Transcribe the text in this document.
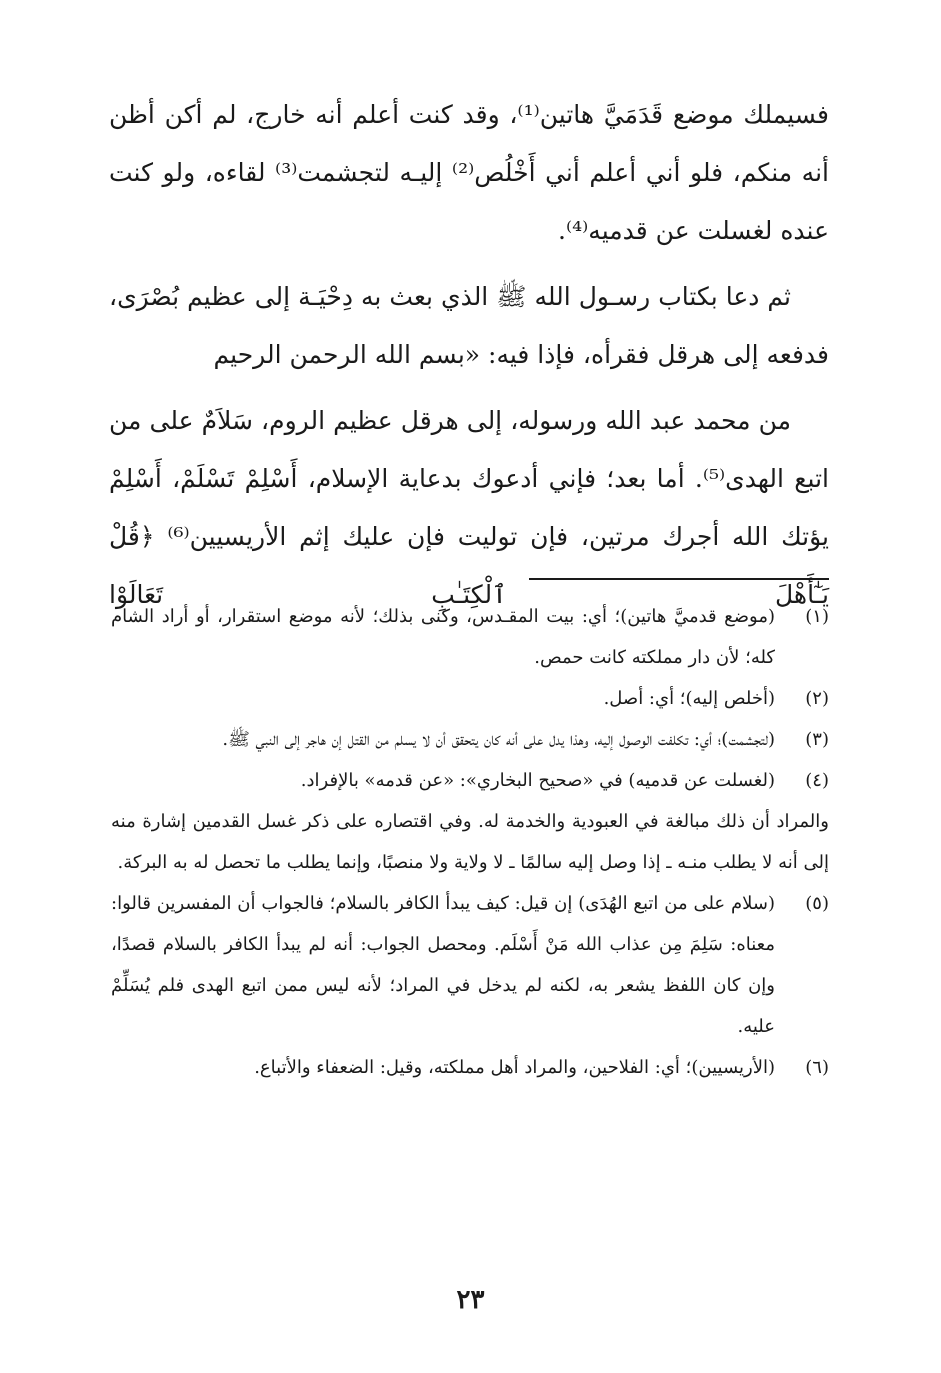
فسيملك موضع قَدَمَيَّ هاتين⁽¹⁾، وقد كنت أعلم أنه خارج، لم أكن أظن أنه منكم، فلو أني أعلم أني أَخْلُص⁽²⁾ إليـه لتجشمت⁽³⁾ لقاءه، ولو كنت عنده لغسلت عن قدميه⁽⁴⁾.

ثم دعا بكتاب رسـول الله ﷺ الذي بعث به دِحْيَـة إلى عظيم بُصْرَى، فدفعه إلى هرقل فقرأه، فإذا فيه: «بسم الله الرحمن الرحيم

من محمد عبد الله ورسوله، إلى هرقل عظيم الروم، سَلاَمٌ على من اتبع الهدى⁽⁵⁾. أما بعد؛ فإني أدعوك بدعاية الإسلام، أَسْلِمْ تَسْلَمْ، أَسْلِمْ يؤتك الله أجرك مرتين، فإن توليت فإن عليك إثم الأريسيين⁽⁶⁾ ﴿قُلْ يَـٰٓأَهْلَ ٱلْكِتَـٰبِ تَعَالَوْا

(١)
(موضع قدميَّ هاتين)؛ أي: بيت المقـدس، وكنى بذلك؛ لأنه موضع استقرار، أو أراد الشام كله؛ لأن دار مملكته كانت حمص.

(٢)
(أخلص إليه)؛ أي: أصل.

(٣)
(لتجشمت)؛ أي: تكلفت الوصول إليه، وهذا يدل على أنه كان يتحقق أن لا يسلم من القتل إن هاجر إلى النبي ﷺ.

(٤)
(لغسلت عن قدميه) في «صحيح البخاري»: «عن قدمه» بالإفراد.

والمراد أن ذلك مبالغة في العبودية والخدمة له. وفي اقتصاره على ذكر غسل القدمين إشارة منه إلى أنه لا يطلب منـه ـ إذا وصل إليه سالمًا ـ لا ولاية ولا منصبًا، وإنما يطلب ما تحصل له به البركة.

(٥)
(سلام على من اتبع الهُدَى) إن قيل: كيف يبدأ الكافر بالسلام؛ فالجواب أن المفسرين قالوا: معناه: سَلِمَ مِن عذاب الله مَنْ أَسْلَم. ومحصل الجواب: أنه لم يبدأ الكافر بالسلام قصدًا، وإن كان اللفظ يشعر به، لكنه لم يدخل في المراد؛ لأنه ليس ممن اتبع الهدى فلم يُسَلِّمْ عليه.

(٦)
(الأريسيين)؛ أي: الفلاحين، والمراد أهل مملكته، وقيل: الضعفاء والأتباع.

٢٣
